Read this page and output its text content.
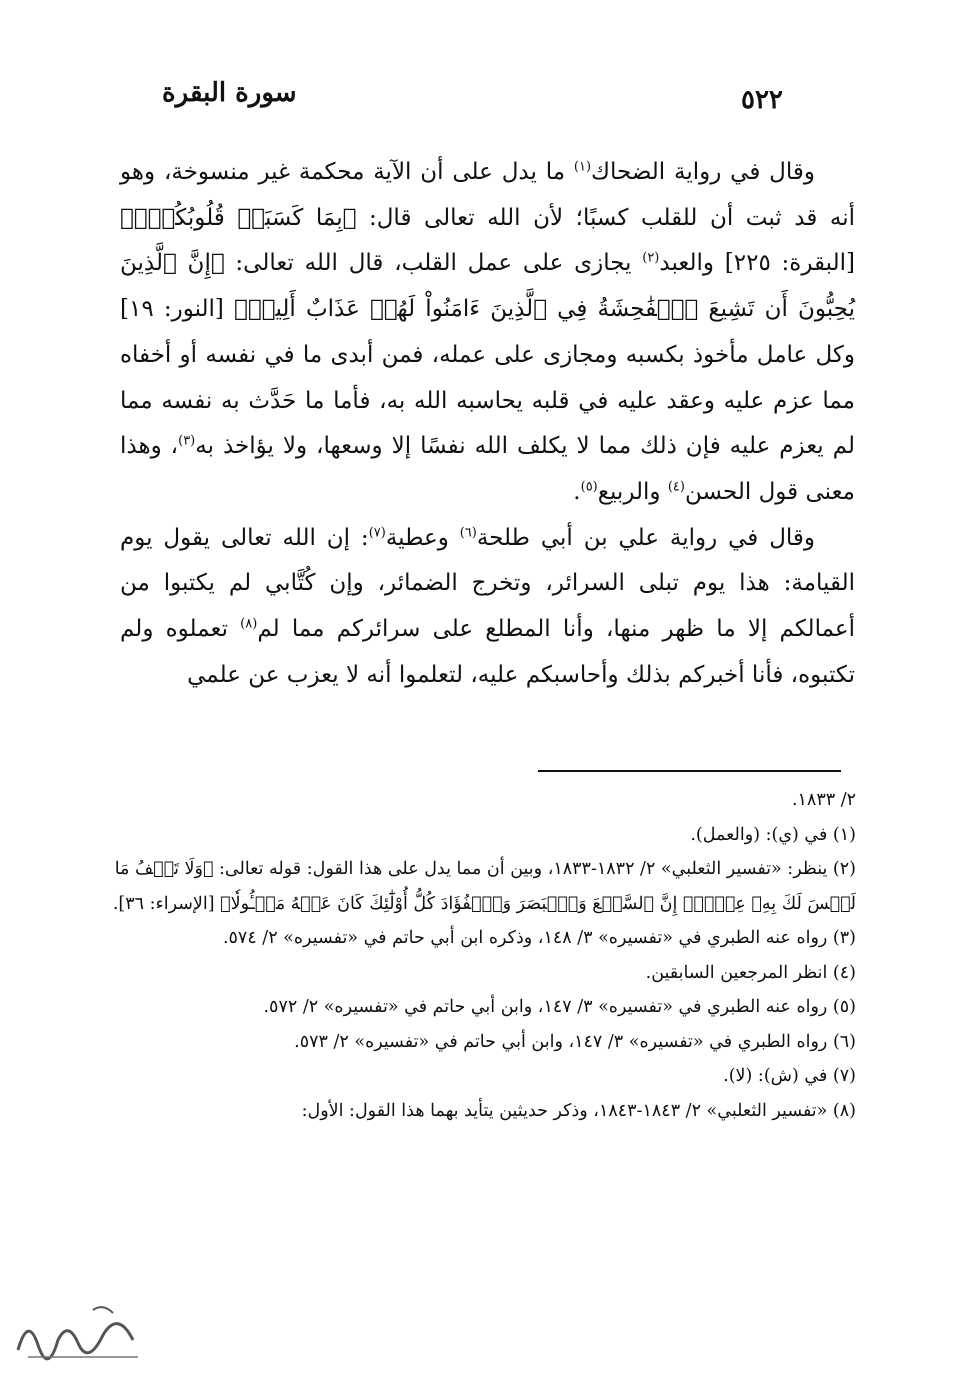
سورة البقرة	٥٢٢

وقال في رواية الضحاك$^{(١)}$ ما يدل على أن الآية محكمة غير منسوخة، وهو أنه قد ثبت أن للقلب كسبًا؛ لأن الله تعالى قال: ﴿بِمَا كَسَبَتۡ قُلُوبُكُمۡۗ﴾ [البقرة: ٢٢٥] والعبد$^{(٢)}$ يجازى على عمل القلب، قال الله تعالى: ﴿إِنَّ ٱلَّذِينَ يُحِبُّونَ أَن تَشِيعَ ٱلۡفَٰحِشَةُ فِي ٱلَّذِينَ ءَامَنُواْ لَهُمۡ عَذَابٌ أَلِيمٞ﴾ [النور: ١٩] وكل عامل مأخوذ بكسبه ومجازى على عمله، فمن أبدى ما في نفسه أو أخفاه مما عزم عليه وعقد عليه في قلبه يحاسبه الله به، فأما ما حَدَّث به نفسه مما لم يعزم عليه فإن ذلك مما لا يكلف الله نفسًا إلا وسعها، ولا يؤاخذ به$^{(٣)}$، وهذا معنى قول الحسن$^{(٤)}$ والربيع$^{(٥)}$.

وقال في رواية علي بن أبي طلحة$^{(٦)}$ وعطية$^{(٧)}$: إن الله تعالى يقول يوم القيامة: هذا يوم تبلى السرائر، وتخرج الضمائر، وإن كُتَّابي لم يكتبوا من أعمالكم إلا ما ظهر منها، وأنا المطلع على سرائركم مما لم$^{(٨)}$ تعملوه ولم تكتبوه، فأنا أخبركم بذلك وأحاسبكم عليه، لتعلموا أنه لا يعزب عن علمي

٢/ ١٨٣٣.

(١) في (ي): (والعمل).

(٢) ينظر: «تفسير الثعلبي» ٢/ ١٨٣٢-١٨٣٣، وبين أن مما يدل على هذا القول: قوله تعالى: ﴿وَلَا تَقۡفُ مَا لَيۡسَ لَكَ بِهِۦ عِلۡمٌۚ إِنَّ ٱلسَّمۡعَ وَٱلۡبَصَرَ وَٱلۡفُؤَادَ كُلُّ أُوْلَٰٓئِكَ كَانَ عَنۡهُ مَسۡـُٔولٗا﴾ [الإسراء: ٣٦].

(٣) رواه عنه الطبري في «تفسيره» ٣/ ١٤٨، وذكره ابن أبي حاتم في «تفسيره» ٢/ ٥٧٤.

(٤) انظر المرجعين السابقين.

(٥) رواه عنه الطبري في «تفسيره» ٣/ ١٤٧، وابن أبي حاتم في «تفسيره» ٢/ ٥٧٢.

(٦) رواه الطبري في «تفسيره» ٣/ ١٤٧، وابن أبي حاتم في «تفسيره» ٢/ ٥٧٣.

(٧) في (ش): (لا).

(٨) «تفسير الثعلبي» ٢/ ١٨٤٣-١٨٤٣، وذكر حديثين يتأيد بهما هذا القول: الأول:
